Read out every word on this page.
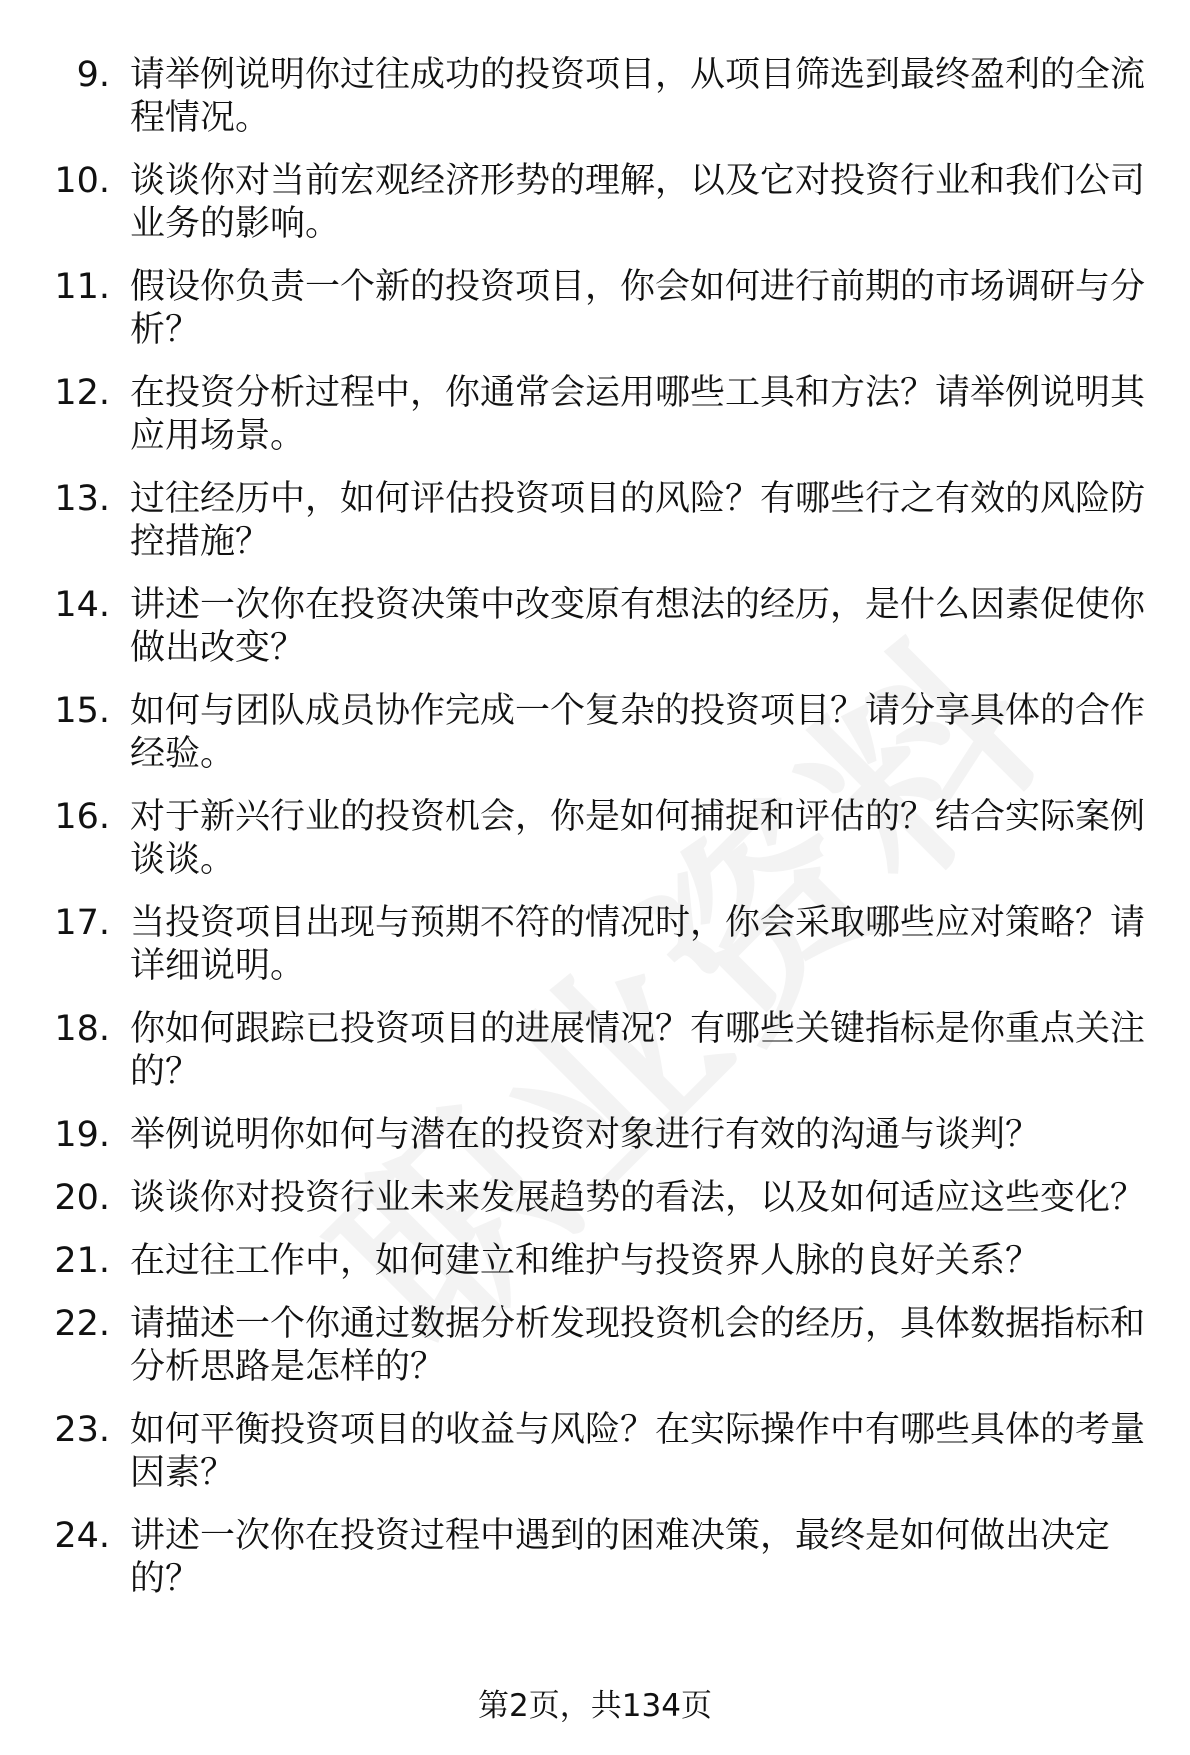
9. 请举例说明你过往成功的投资项目，从项目筛选到最终盈利的全流程情况。
10. 谈谈你对当前宏观经济形势的理解，以及它对投资行业和我们公司业务的影响。
11. 假设你负责一个新的投资项目，你会如何进行前期的市场调研与分析？
12. 在投资分析过程中，你通常会运用哪些工具和方法？请举例说明其应用场景。
13. 过往经历中，如何评估投资项目的风险？有哪些行之有效的风险防控措施？
14. 讲述一次你在投资决策中改变原有想法的经历，是什么因素促使你做出改变？
15. 如何与团队成员协作完成一个复杂的投资项目？请分享具体的合作经验。
16. 对于新兴行业的投资机会，你是如何捕捉和评估的？结合实际案例谈谈。
17. 当投资项目出现与预期不符的情况时，你会采取哪些应对策略？请详细说明。
18. 你如何跟踪已投资项目的进展情况？有哪些关键指标是你重点关注的？
19. 举例说明你如何与潜在的投资对象进行有效的沟通与谈判？
20. 谈谈你对投资行业未来发展趋势的看法，以及如何适应这些变化？
21. 在过往工作中，如何建立和维护与投资界人脉的良好关系？
22. 请描述一个你通过数据分析发现投资机会的经历，具体数据指标和分析思路是怎样的？
23. 如何平衡投资项目的收益与风险？在实际操作中有哪些具体的考量因素？
24. 讲述一次你在投资过程中遇到的困难决策，最终是如何做出决定的？
第2页，共134页
